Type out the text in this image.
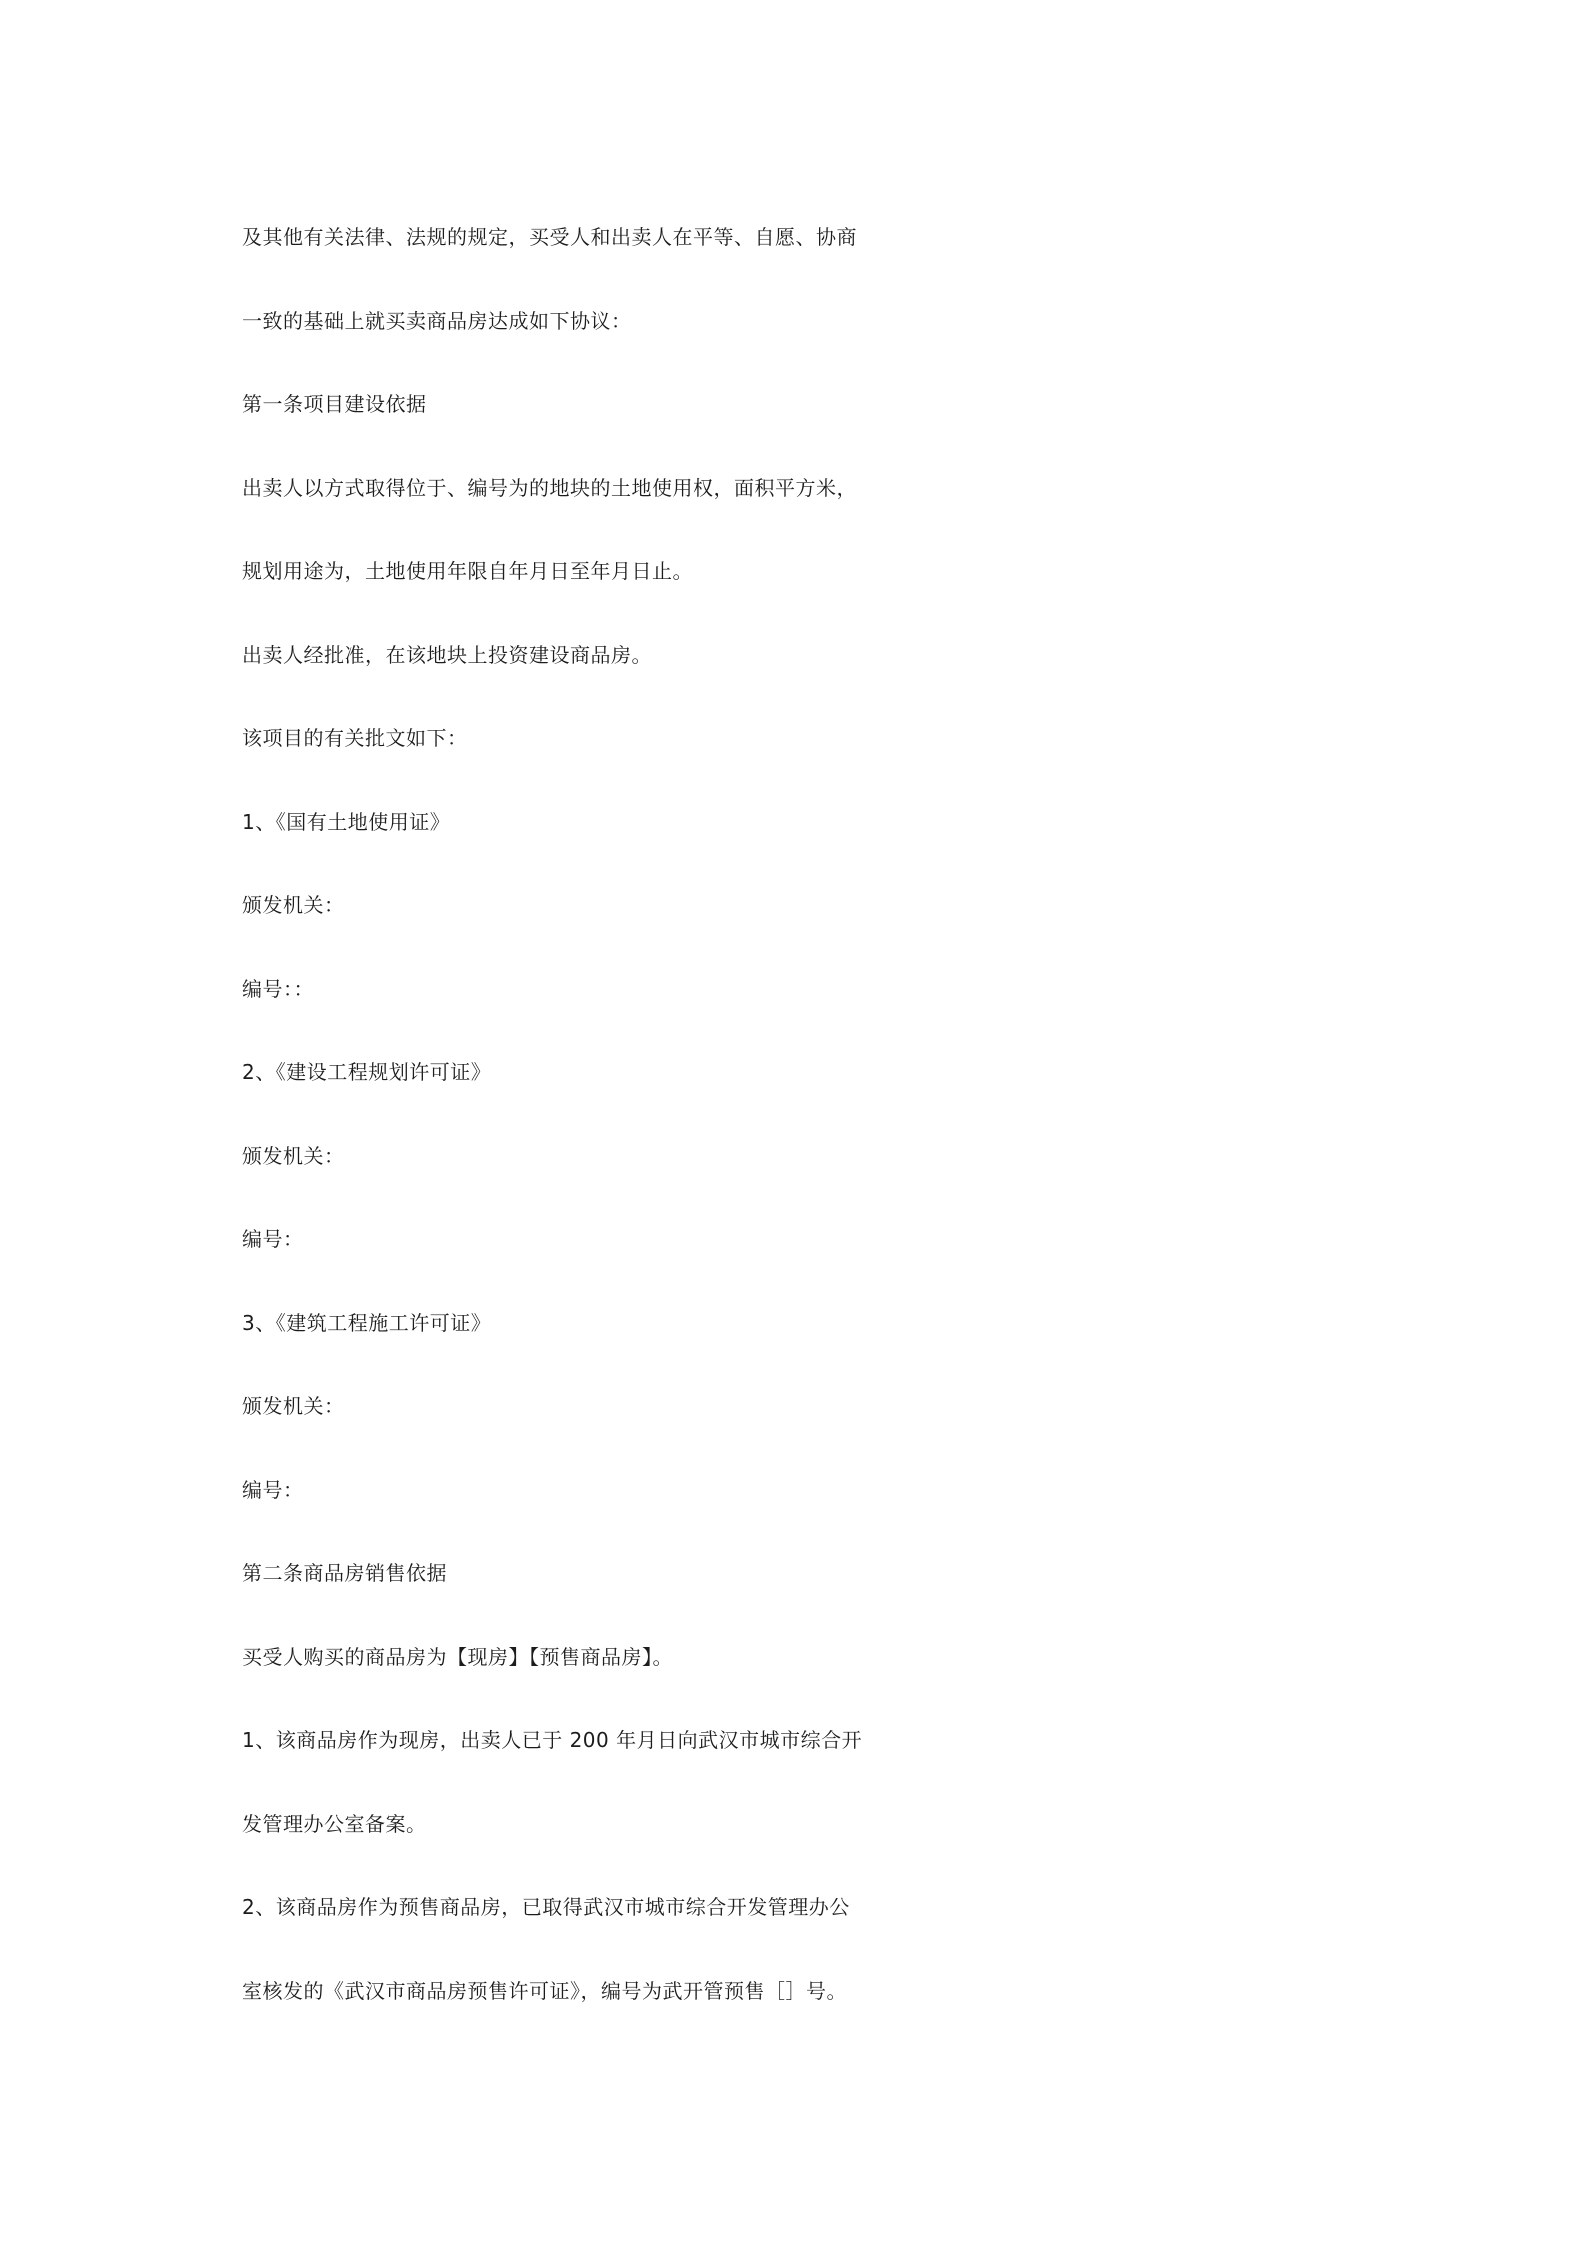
及其他有关法律、法规的规定，买受人和出卖人在平等、自愿、协商
一致的基础上就买卖商品房达成如下协议：
第一条项目建设依据
出卖人以方式取得位于、编号为的地块的土地使用权，面积平方米，
规划用途为，土地使用年限自年月日至年月日止。
出卖人经批准，在该地块上投资建设商品房。
该项目的有关批文如下：
1、《国有土地使用证》
颁发机关：
编号：：
2、《建设工程规划许可证》
颁发机关：
编号：
3、《建筑工程施工许可证》
颁发机关：
编号：
第二条商品房销售依据
买受人购买的商品房为【现房】【预售商品房】。
1、该商品房作为现房，出卖人已于 200 年月日向武汉市城市综合开
发管理办公室备案。
2、该商品房作为预售商品房，已取得武汉市城市综合开发管理办公
室核发的《武汉市商品房预售许可证》，编号为武开管预售［］号。
